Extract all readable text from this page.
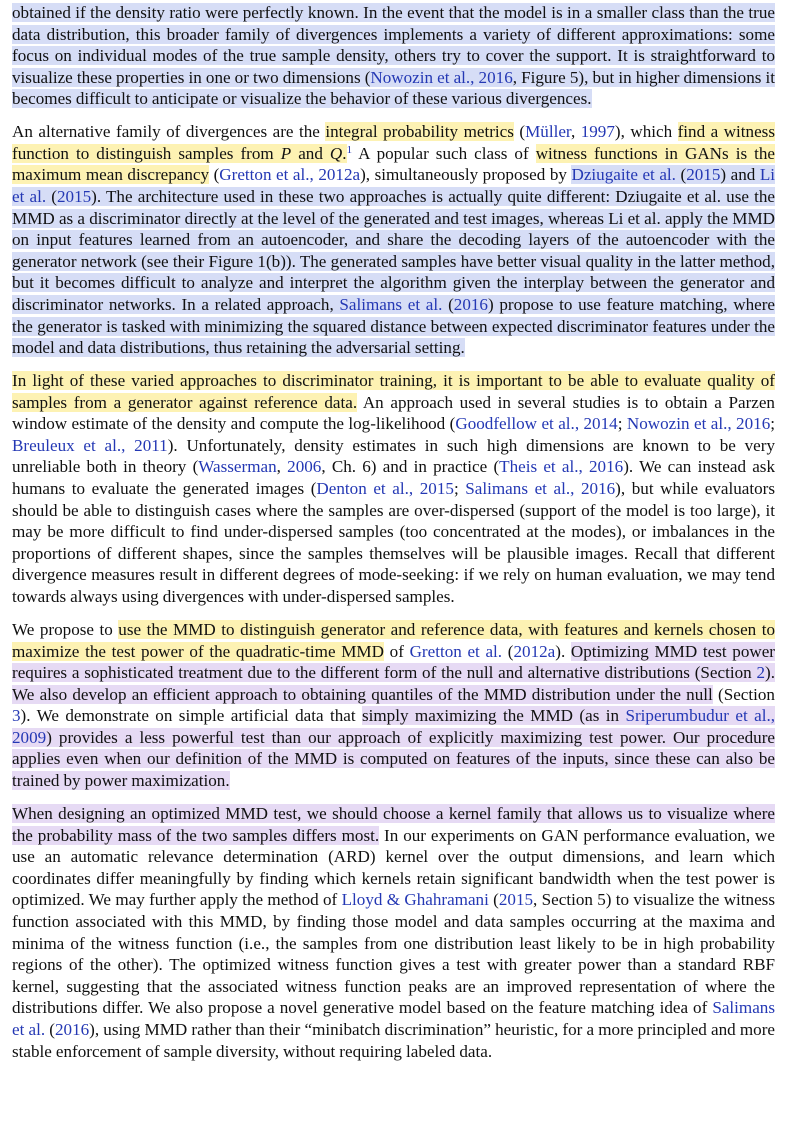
obtained if the density ratio were perfectly known. In the event that the model is in a smaller class than the true data distribution, this broader family of divergences implements a variety of different approximations: some focus on individual modes of the true sample density, others try to cover the support. It is straightforward to visualize these properties in one or two dimensions (Nowozin et al., 2016, Figure 5), but in higher dimensions it becomes difficult to anticipate or visualize the behavior of these various divergences.

An alternative family of divergences are the integral probability metrics (Müller, 1997), which find a witness function to distinguish samples from P and Q.$^1$ A popular such class of witness functions in GANs is the maximum mean discrepancy (Gretton et al., 2012a), simultaneously proposed by Dziugaite et al. (2015) and Li et al. (2015). The architecture used in these two approaches is actually quite different: Dziugaite et al. use the MMD as a discriminator directly at the level of the generated and test images, whereas Li et al. apply the MMD on input features learned from an autoencoder, and share the decoding layers of the autoencoder with the generator network (see their Figure 1(b)). The generated samples have better visual quality in the latter method, but it becomes difficult to analyze and interpret the algorithm given the interplay between the generator and discriminator networks. In a related approach, Salimans et al. (2016) propose to use feature matching, where the generator is tasked with minimizing the squared distance between expected discriminator features under the model and data distributions, thus retaining the adversarial setting.

In light of these varied approaches to discriminator training, it is important to be able to evaluate quality of samples from a generator against reference data. An approach used in several studies is to obtain a Parzen window estimate of the density and compute the log-likelihood (Goodfellow et al., 2014; Nowozin et al., 2016; Breuleux et al., 2011). Unfortunately, density estimates in such high dimensions are known to be very unreliable both in theory (Wasserman, 2006, Ch. 6) and in practice (Theis et al., 2016). We can instead ask humans to evaluate the generated images (Denton et al., 2015; Salimans et al., 2016), but while evaluators should be able to distinguish cases where the samples are over-dispersed (support of the model is too large), it may be more difficult to find under-dispersed samples (too concentrated at the modes), or imbalances in the proportions of different shapes, since the samples themselves will be plausible images. Recall that different divergence measures result in different degrees of mode-seeking: if we rely on human evaluation, we may tend towards always using divergences with under-dispersed samples.

We propose to use the MMD to distinguish generator and reference data, with features and kernels chosen to maximize the test power of the quadratic-time MMD of Gretton et al. (2012a). Optimizing MMD test power requires a sophisticated treatment due to the different form of the null and alternative distributions (Section 2). We also develop an efficient approach to obtaining quantiles of the MMD distribution under the null (Section 3). We demonstrate on simple artificial data that simply maximizing the MMD (as in Sriperumbudur et al., 2009) provides a less powerful test than our approach of explicitly maximizing test power. Our procedure applies even when our definition of the MMD is computed on features of the inputs, since these can also be trained by power maximization.

When designing an optimized MMD test, we should choose a kernel family that allows us to visualize where the probability mass of the two samples differs most. In our experiments on GAN performance evaluation, we use an automatic relevance determination (ARD) kernel over the output dimensions, and learn which coordinates differ meaningfully by finding which kernels retain significant bandwidth when the test power is optimized. We may further apply the method of Lloyd & Ghahramani (2015, Section 5) to visualize the witness function associated with this MMD, by finding those model and data samples occurring at the maxima and minima of the witness function (i.e., the samples from one distribution least likely to be in high probability regions of the other). The optimized witness function gives a test with greater power than a standard RBF kernel, suggesting that the associated witness function peaks are an improved representation of where the distributions differ. We also propose a novel generative model based on the feature matching idea of Salimans et al. (2016), using MMD rather than their “minibatch discrimination” heuristic, for a more principled and more stable enforcement of sample diversity, without requiring labeled data.
